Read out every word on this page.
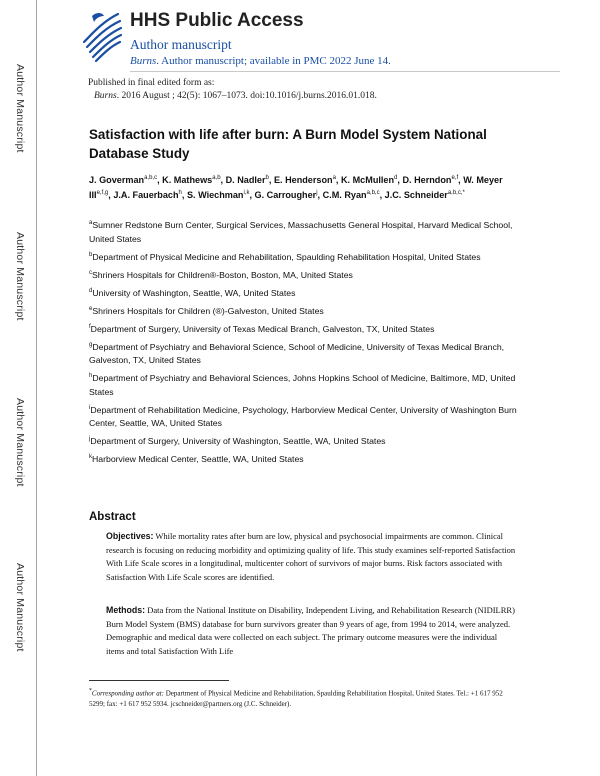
Author Manuscript
Author Manuscript
Author Manuscript
Author Manuscript
HHS Public Access
Author manuscript
Burns. Author manuscript; available in PMC 2022 June 14.
Published in final edited form as:
Burns. 2016 August ; 42(5): 1067–1073. doi:10.1016/j.burns.2016.01.018.
Satisfaction with life after burn: A Burn Model System National Database Study
J. Goverman$^{a,b,c}$, K. Mathews$^{a,b}$, D. Nadler$^b$, E. Henderson$^a$, K. McMullen$^d$, D. Herndon$^{e,f}$, W. Meyer III$^{e,f,g}$, J.A. Fauerbach$^h$, S. Wiechman$^{i,k}$, G. Carrougher$^j$, C.M. Ryan$^{a,b,c}$, J.C. Schneider$^{a,b,c,*}$

$^a$Sumner Redstone Burn Center, Surgical Services, Massachusetts General Hospital, Harvard Medical School, United States

$^b$Department of Physical Medicine and Rehabilitation, Spaulding Rehabilitation Hospital, United States

$^c$Shriners Hospitals for Children®-Boston, Boston, MA, United States

$^d$University of Washington, Seattle, WA, United States

$^e$Shriners Hospitals for Children (®)-Galveston, United States

$^f$Department of Surgery, University of Texas Medical Branch, Galveston, TX, United States

$^g$Department of Psychiatry and Behavioral Science, School of Medicine, University of Texas Medical Branch, Galveston, TX, United States

$^h$Department of Psychiatry and Behavioral Sciences, Johns Hopkins School of Medicine, Baltimore, MD, United States

$^i$Department of Rehabilitation Medicine, Psychology, Harborview Medical Center, University of Washington Burn Center, Seattle, WA, United States

$^j$Department of Surgery, University of Washington, Seattle, WA, United States

$^k$Harborview Medical Center, Seattle, WA, United States

Abstract
Objectives: While mortality rates after burn are low, physical and psychosocial impairments are common. Clinical research is focusing on reducing morbidity and optimizing quality of life. This study examines self-reported Satisfaction With Life Scale scores in a longitudinal, multicenter cohort of survivors of major burns. Risk factors associated with Satisfaction With Life Scale scores are identified.
Methods: Data from the National Institute on Disability, Independent Living, and Rehabilitation Research (NIDILRR) Burn Model System (BMS) database for burn survivors greater than 9 years of age, from 1994 to 2014, were analyzed. Demographic and medical data were collected on each subject. The primary outcome measures were the individual items and total Satisfaction With Life
*Corresponding author at: Department of Physical Medicine and Rehabilitation, Spaulding Rehabilitation Hospital, United States. Tel.: +1 617 952 5299; fax: +1 617 952 5934. jcschneider@partners.org (J.C. Schneider).
